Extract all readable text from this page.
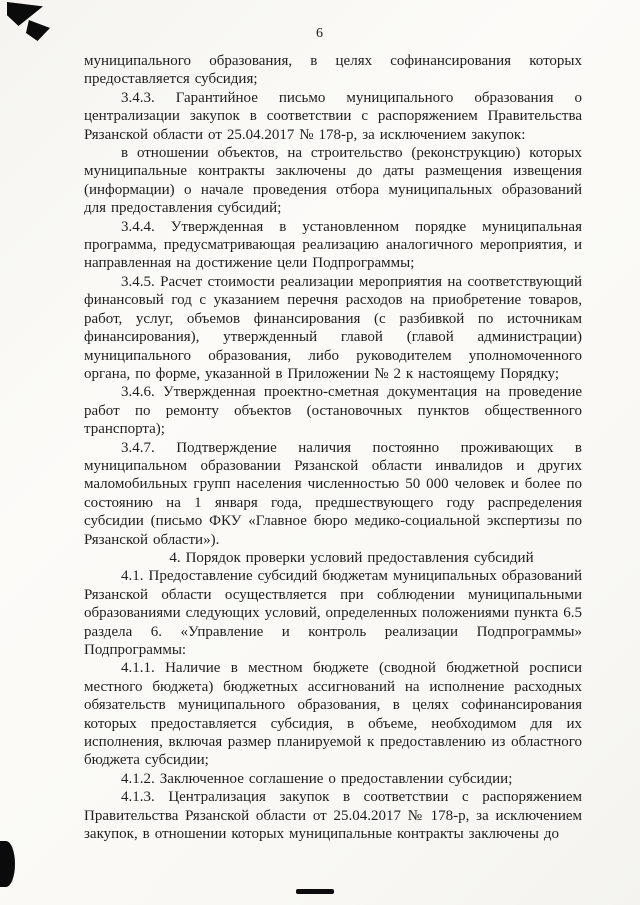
6

муниципального образования, в целях софинансирования которых предоставляется субсидия;

3.4.3. Гарантийное письмо муниципального образования о централизации закупок в соответствии с распоряжением Правительства Рязанской области от 25.04.2017 № 178-р, за исключением закупок:

в отношении объектов, на строительство (реконструкцию) которых муниципальные контракты заключены до даты размещения извещения (информации) о начале проведения отбора муниципальных образований для предоставления субсидий;

3.4.4. Утвержденная в установленном порядке муниципальная программа, предусматривающая реализацию аналогичного мероприятия, и направленная на достижение цели Подпрограммы;

3.4.5. Расчет стоимости реализации мероприятия на соответствующий финансовый год с указанием перечня расходов на приобретение товаров, работ, услуг, объемов финансирования (с разбивкой по источникам финансирования), утвержденный главой (главой администрации) муниципального образования, либо руководителем уполномоченного органа, по форме, указанной в Приложении № 2 к настоящему Порядку;

3.4.6. Утвержденная проектно-сметная документация на проведение работ по ремонту объектов (остановочных пунктов общественного транспорта);

3.4.7. Подтверждение наличия постоянно проживающих в муниципальном образовании Рязанской области инвалидов и других маломобильных групп населения численностью 50 000 человек и более по состоянию на 1 января года, предшествующего году распределения субсидии (письмо ФКУ «Главное бюро медико-социальной экспертизы по Рязанской области»).

4. Порядок проверки условий предоставления субсидий

4.1. Предоставление субсидий бюджетам муниципальных образований Рязанской области осуществляется при соблюдении муниципальными образованиями следующих условий, определенных положениями пункта 6.5 раздела 6. «Управление и контроль реализации Подпрограммы» Подпрограммы:

4.1.1. Наличие в местном бюджете (сводной бюджетной росписи местного бюджета) бюджетных ассигнований на исполнение расходных обязательств муниципального образования, в целях софинансирования которых предоставляется субсидия, в объеме, необходимом для их исполнения, включая размер планируемой к предоставлению из областного бюджета субсидии;

4.1.2. Заключенное соглашение о предоставлении субсидии;

4.1.3. Централизация закупок в соответствии с распоряжением Правительства Рязанской области от 25.04.2017 № 178-р, за исключением закупок, в отношении которых муниципальные контракты заключены до
